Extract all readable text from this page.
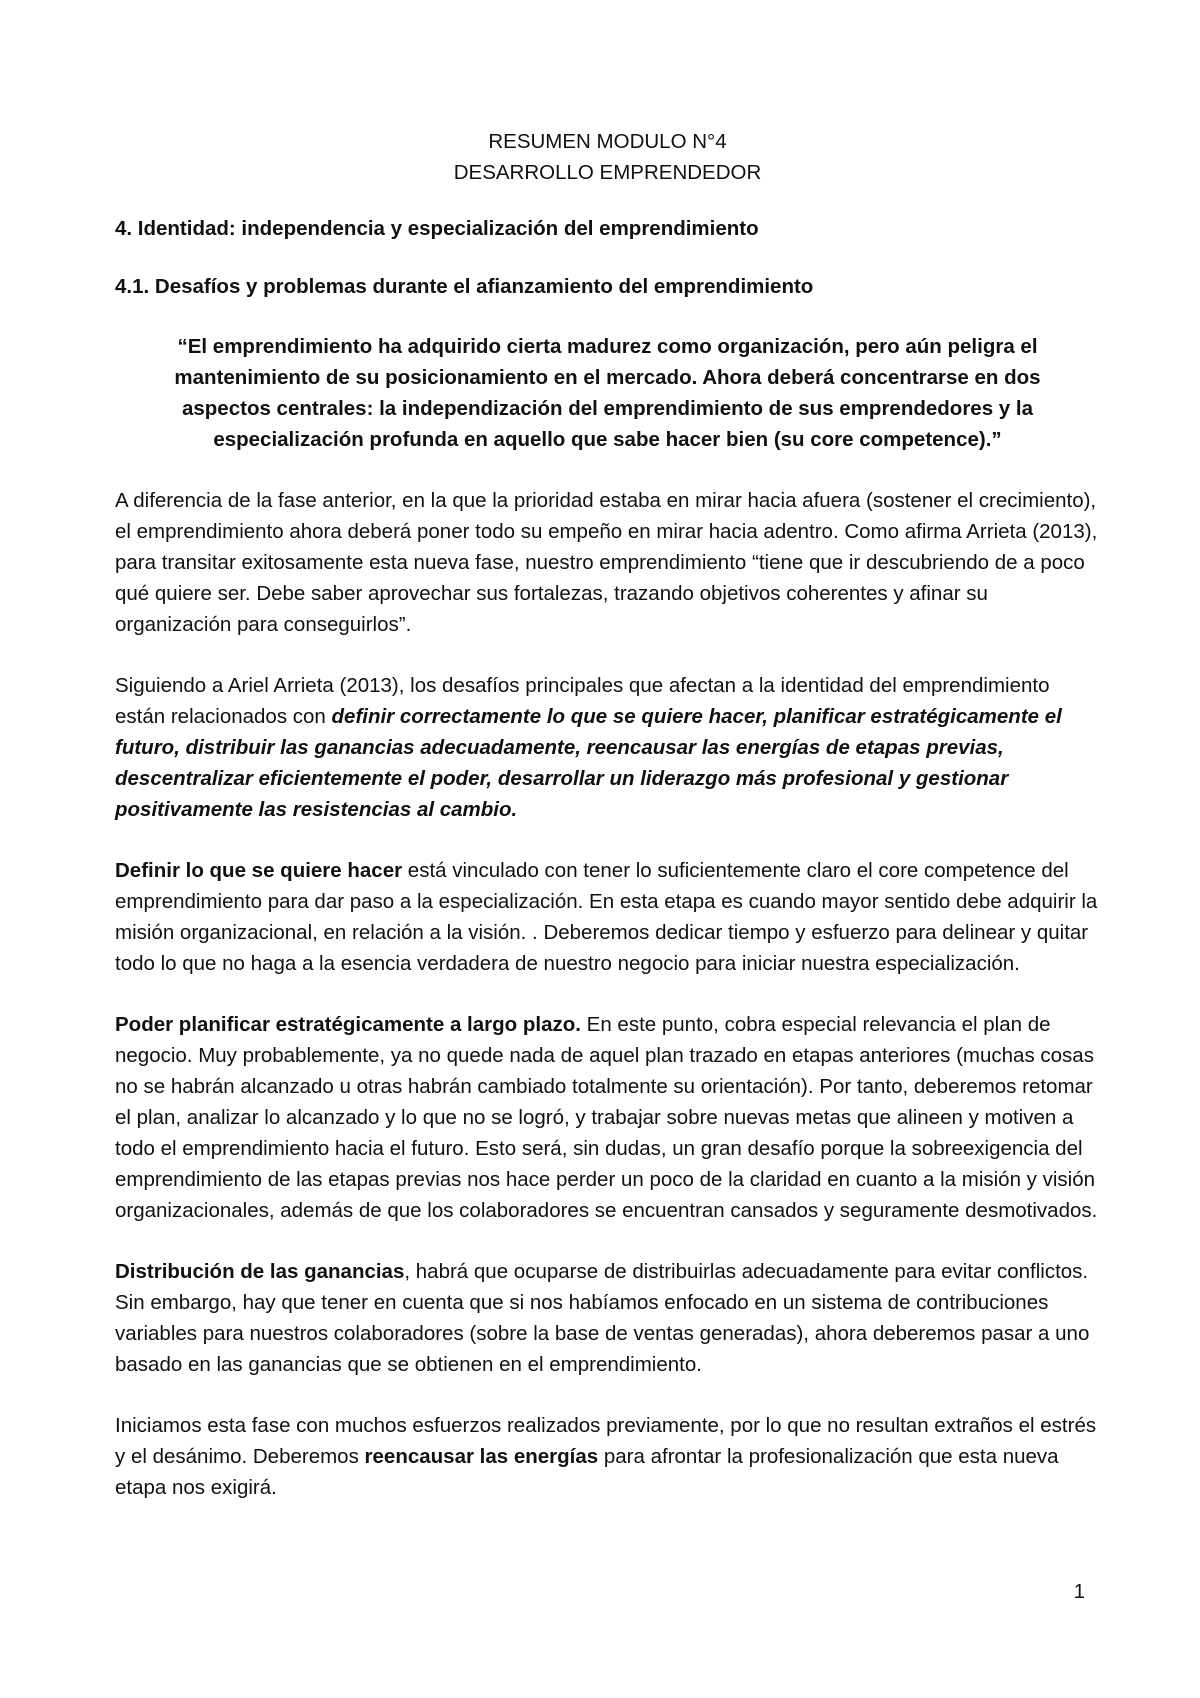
RESUMEN MODULO N°4
DESARROLLO EMPRENDEDOR
4. Identidad: independencia y especialización del emprendimiento
4.1. Desafíos y problemas durante el afianzamiento del emprendimiento
“El emprendimiento ha adquirido cierta madurez como organización, pero aún peligra el mantenimiento de su posicionamiento en el mercado. Ahora deberá concentrarse en dos aspectos centrales: la independización del emprendimiento de sus emprendedores y la especialización profunda en aquello que sabe hacer bien (su core competence).”

A diferencia de la fase anterior, en la que la prioridad estaba en mirar hacia afuera (sostener el crecimiento), el emprendimiento ahora deberá poner todo su empeño en mirar hacia adentro. Como afirma Arrieta (2013), para transitar exitosamente esta nueva fase, nuestro emprendimiento “tiene que ir descubriendo de a poco qué quiere ser. Debe saber aprovechar sus fortalezas, trazando objetivos coherentes y afinar su organización para conseguirlos”.

Siguiendo a Ariel Arrieta (2013), los desafíos principales que afectan a la identidad del emprendimiento están relacionados con definir correctamente lo que se quiere hacer, planificar estratégicamente el futuro, distribuir las ganancias adecuadamente, reencausar las energías de etapas previas, descentralizar eficientemente el poder, desarrollar un liderazgo más profesional y gestionar positivamente las resistencias al cambio.

Definir lo que se quiere hacer está vinculado con tener lo suficientemente claro el core competence del emprendimiento para dar paso a la especialización. En esta etapa es cuando mayor sentido debe adquirir la misión organizacional, en relación a la visión. . Deberemos dedicar tiempo y esfuerzo para delinear y quitar todo lo que no haga a la esencia verdadera de nuestro negocio para iniciar nuestra especialización.

Poder planificar estratégicamente a largo plazo. En este punto, cobra especial relevancia el plan de negocio. Muy probablemente, ya no quede nada de aquel plan trazado en etapas anteriores (muchas cosas no se habrán alcanzado u otras habrán cambiado totalmente su orientación). Por tanto, deberemos retomar el plan, analizar lo alcanzado y lo que no se logró, y trabajar sobre nuevas metas que alineen y motiven a todo el emprendimiento hacia el futuro. Esto será, sin dudas, un gran desafío porque la sobreexigencia del emprendimiento de las etapas previas nos hace perder un poco de la claridad en cuanto a la misión y visión organizacionales, además de que los colaboradores se encuentran cansados y seguramente desmotivados.

Distribución de las ganancias, habrá que ocuparse de distribuirlas adecuadamente para evitar conflictos. Sin embargo, hay que tener en cuenta que si nos habíamos enfocado en un sistema de contribuciones variables para nuestros colaboradores (sobre la base de ventas generadas), ahora deberemos pasar a uno basado en las ganancias que se obtienen en el emprendimiento.

Iniciamos esta fase con muchos esfuerzos realizados previamente, por lo que no resultan extraños el estrés y el desánimo. Deberemos reencausar las energías para afrontar la profesionalización que esta nueva etapa nos exigirá.

1
